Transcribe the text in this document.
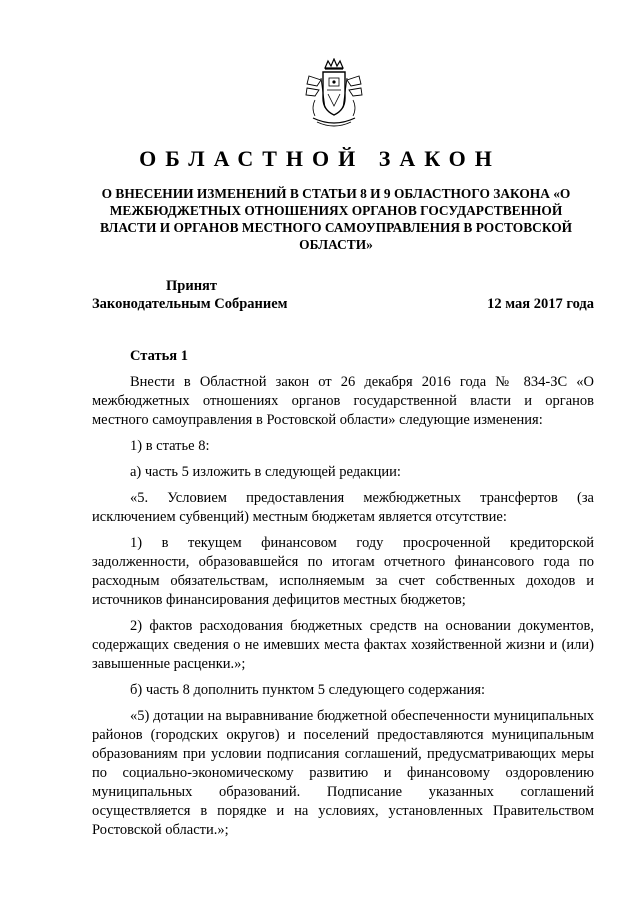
ОБЛАСТНОЙ ЗАКОН
О ВНЕСЕНИИ ИЗМЕНЕНИЙ В СТАТЬИ 8 И 9 ОБЛАСТНОГО ЗАКОНА «О МЕЖБЮДЖЕТНЫХ ОТНОШЕНИЯХ ОРГАНОВ ГОСУДАРСТВЕННОЙ ВЛАСТИ И ОРГАНОВ МЕСТНОГО САМОУПРАВЛЕНИЯ В РОСТОВСКОЙ ОБЛАСТИ»
Принят
Законодательным Собранием	12 мая 2017 года
Статья 1

Внести в Областной закон от 26 декабря 2016 года № 834-ЗС «О межбюджетных отношениях органов государственной власти и органов местного самоуправления в Ростовской области» следующие изменения:

1) в статье 8:

а) часть 5 изложить в следующей редакции:

«5. Условием предоставления межбюджетных трансфертов (за исключением субвенций) местным бюджетам является отсутствие:

1) в текущем финансовом году просроченной кредиторской задолженности, образовавшейся по итогам отчетного финансового года по расходным обязательствам, исполняемым за счет собственных доходов и источников финансирования дефицитов местных бюджетов;

2) фактов расходования бюджетных средств на основании документов, содержащих сведения о не имевших места фактах хозяйственной жизни и (или) завышенные расценки.»;

б) часть 8 дополнить пунктом 5 следующего содержания:

«5) дотации на выравнивание бюджетной обеспеченности муниципальных районов (городских округов) и поселений предоставляются муниципальным образованиям при условии подписания соглашений, предусматривающих меры по социально-экономическому развитию и финансовому оздоровлению муниципальных образований. Подписание указанных соглашений осуществляется в порядке и на условиях, установленных Правительством Ростовской области.»;
